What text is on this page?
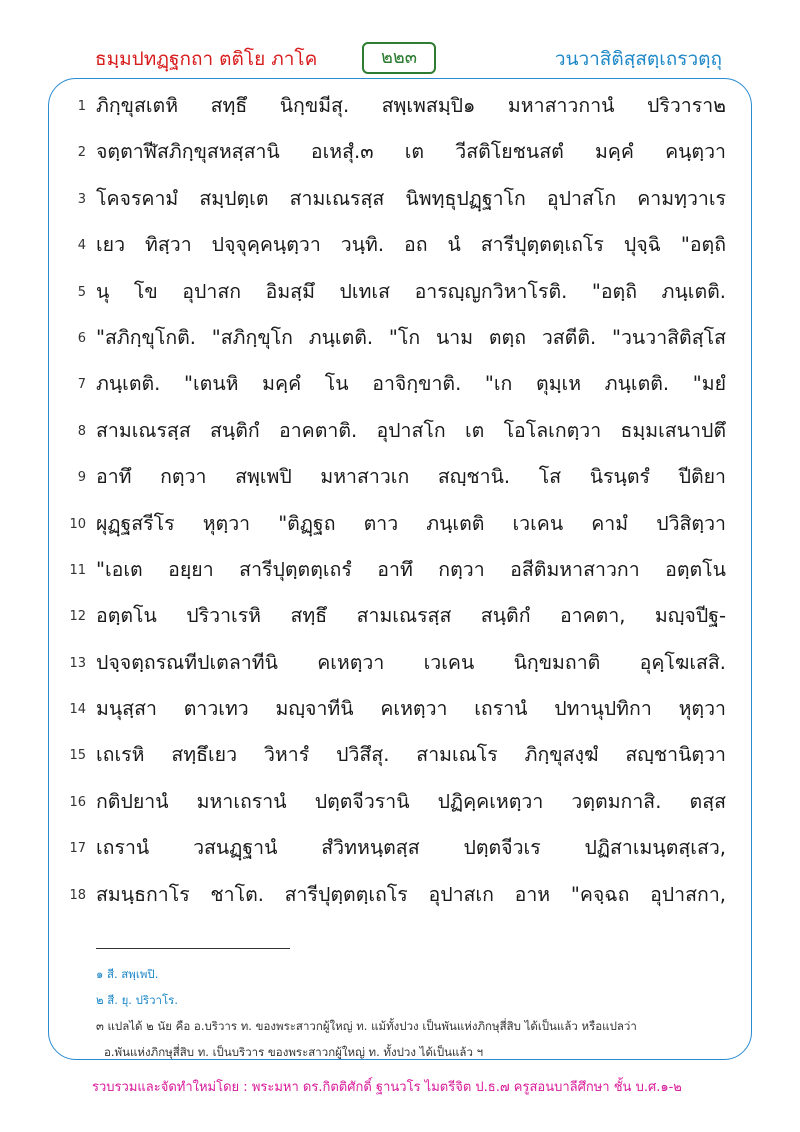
ธมฺมปทฏฺฐกถา ตติโย ภาโค	๒๒๓	วนวาสิติสฺสตฺเถรวตฺถุ
1 ภิกฺขุสเตหิ สทฺธึ นิกฺขมีสุ. สพฺเพสมฺปิ๑ มหาสาวกานํ ปริวารา๒
2 จตฺตาฬีสภิกฺขุสหสฺสานิ อเหสุํ.๓ เต วีสติโยชนสตํ มคฺคํ คนฺตฺวา
3 โคจรคามํ สมฺปตฺเต สามเณรสฺส นิพทฺธุปฏฺฐาโก อุปาสโก คามทฺวาเร
4 เยว ทิสฺวา ปจฺจุคฺคนฺตฺวา วนฺทิ. อถ นํ สารีปุตฺตตฺเถโร ปุจฺฉิ "อตฺถิ
5 นุ โข อุปาสก อิมสฺมึ ปเทเส อารญฺญกวิหาโรติ. "อตฺถิ ภนฺเตติ.
6 "สภิกฺขุโกติ. "สภิกฺขุโก ภนฺเตติ. "โก นาม ตตฺถ วสตีติ. "วนวาสิติสฺโส
7 ภนฺเตติ. "เตนหิ มคฺคํ โน อาจิกฺขาติ. "เก ตุมฺเห ภนฺเตติ. "มยํ
8 สามเณรสฺส สนฺติกํ อาคตาติ. อุปาสโก เต โอโลเกตฺวา ธมฺมเสนาปตึ
9 อาทึ กตฺวา สพฺเพปิ มหาสาวเก สญฺชานิ. โส นิรนฺตรํ ปีติยา
10 ผุฏฺฐสรีโร หุตฺวา "ติฏฺฐถ ตาว ภนฺเตติ เวเคน คามํ ปวิสิตฺวา
11 "เอเต อยฺยา สารีปุตฺตตฺเถรํ อาทึ กตฺวา อสีติมหาสาวกา อตฺตโน
12 อตฺตโน ปริวาเรหิ สทฺธึ สามเณรสฺส สนฺติกํ อาคตา, มญฺจปีฐ-
13 ปจฺจตฺถรณทีปเตลาทีนิ คเหตฺวา เวเคน นิกฺขมถาติ อุคฺโฆเสสิ.
14 มนุสฺสา ตาวเทว มญฺจาทีนิ คเหตฺวา เถรานํ ปทานุปทิกา หุตฺวา
15 เถเรหิ สทฺธึเยว วิหารํ ปวิสึสุ. สามเณโร ภิกฺขุสงฺฆํ สญฺชานิตฺวา
16 กติปยานํ มหาเถรานํ ปตฺตจีวรานิ ปฏิคฺคเหตฺวา วตฺตมกาสิ. ตสฺส
17 เถรานํ วสนฏฺฐานํ สํวิทหนฺตสฺส ปตฺตจีวเร ปฏิสาเมนฺตสฺเสว,
18 สมนฺธกาโร ชาโต. สารีปุตฺตตฺเถโร อุปาสเก อาห "คจฺฉถ อุปาสกา,
๑ สี. สพฺเพปิ.
๒ สี. ยุ. ปริวาโร.
๓ แปลได้ ๒ นัย คือ อ.บริวาร ท. ของพระสาวกผู้ใหญ่ ท. แม้ทั้งปวง เป็นพันแห่งภิกษุสี่สิบ ได้เป็นแล้ว หรือแปลว่า
อ.พันแห่งภิกษุสี่สิบ ท. เป็นบริวาร ของพระสาวกผู้ใหญ่ ท. ทั้งปวง ได้เป็นแล้ว ฯ
รวบรวมและจัดทำใหม่โดย : พระมหา ดร.กิตติศักดิ์ ฐานวโร ไมตรีจิต ป.ธ.๗ ครูสอนบาลีศึกษา ชั้น บ.ศ.๑-๒
